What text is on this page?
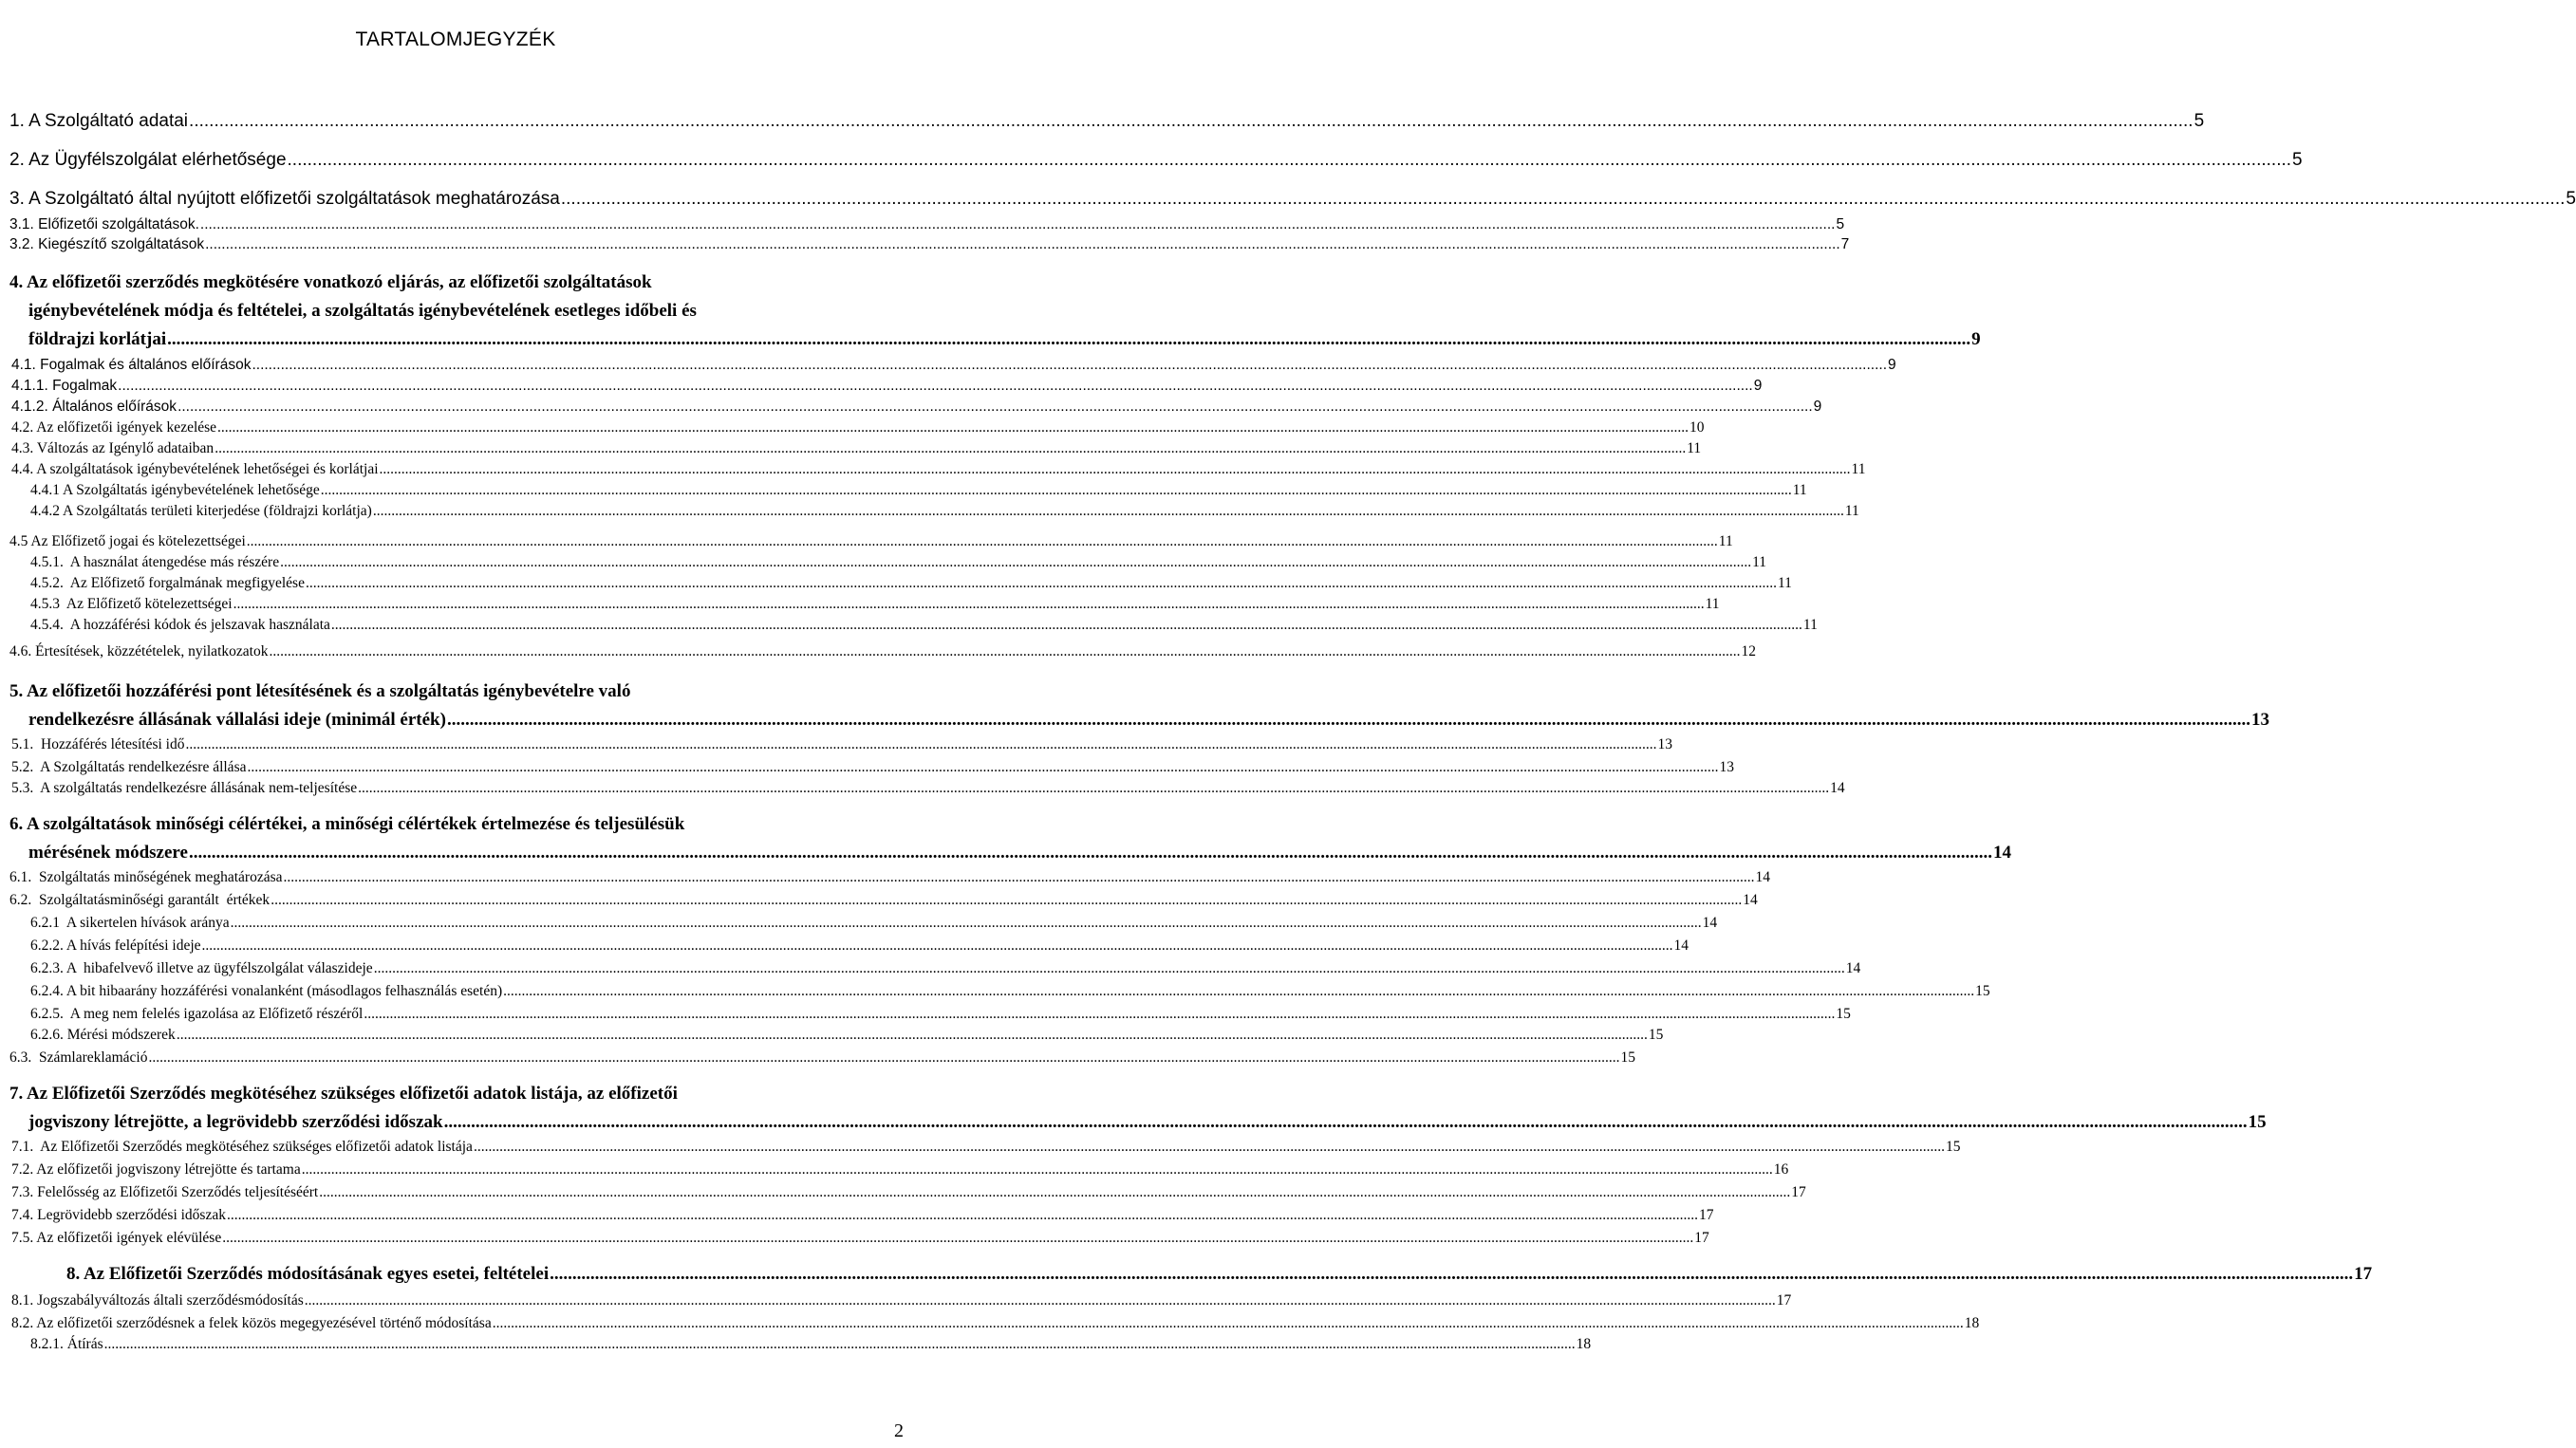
TARTALOMJEGYZÉK
1. A Szolgáltató adatai ................................................................................................................................................................................................................................................................................................................................................................................................................ 5
2. Az Ügyfélszolgálat elérhetősége ................................................................................................................................................................................................................................................................................................................................................................................................................ 5
3. A Szolgáltató által nyújtott előfizetői szolgáltatások meghatározása ................................................................................................................................................................................................................................................................................................................................................................................................................ 5
3.1. Előfizetői szolgáltatások. ................................................................................................................................................................................................................................................................................................................................................................................................................ 5
3.2. Kiegészítő szolgáltatások ................................................................................................................................................................................................................................................................................................................................................................................................................ 7
4. Az előfizetői szerződés megkötésére vonatkozó eljárás, az előfizetői szolgáltatások
igénybevételének módja és feltételei, a szolgáltatás igénybevételének esetleges időbeli és
földrajzi korlátjai ................................................................................................................................................................................................................................................................................................................................................................................................................ 9
4.1. Fogalmak és általános előírások ................................................................................................................................................................................................................................................................................................................................................................................................................ 9
4.1.1. Fogalmak ................................................................................................................................................................................................................................................................................................................................................................................................................ 9
4.1.2. Általános előírások ................................................................................................................................................................................................................................................................................................................................................................................................................ 9
4.2. Az előfizetői igények kezelése ................................................................................................................................................................................................................................................................................................................................................................................................................ 10
4.3. Változás az Igénylő adataiban ................................................................................................................................................................................................................................................................................................................................................................................................................ 11
4.4. A szolgáltatások igénybevételének lehetőségei és korlátjai ................................................................................................................................................................................................................................................................................................................................................................................................................ 11
4.4.1 A Szolgáltatás igénybevételének lehetősége ................................................................................................................................................................................................................................................................................................................................................................................................................ 11
4.4.2 A Szolgáltatás területi kiterjedése (földrajzi korlátja) ................................................................................................................................................................................................................................................................................................................................................................................................................ 11
4.5 Az Előfizető jogai és kötelezettségei ................................................................................................................................................................................................................................................................................................................................................................................................................ 11
4.5.1.  A használat átengedése más részére ................................................................................................................................................................................................................................................................................................................................................................................................................ 11
4.5.2.  Az Előfizető forgalmának megfigyelése ................................................................................................................................................................................................................................................................................................................................................................................................................ 11
4.5.3  Az Előfizető kötelezettségei ................................................................................................................................................................................................................................................................................................................................................................................................................ 11
4.5.4.  A hozzáférési kódok és jelszavak használata ................................................................................................................................................................................................................................................................................................................................................................................................................ 11
4.6. Értesítések, közzétételek, nyilatkozatok ................................................................................................................................................................................................................................................................................................................................................................................................................ 12
5. Az előfizetői hozzáférési pont létesítésének és a szolgáltatás igénybevételre való
rendelkezésre állásának vállalási ideje (minimál érték) ................................................................................................................................................................................................................................................................................................................................................................................................................ 13
5.1.  Hozzáférés létesítési idő ................................................................................................................................................................................................................................................................................................................................................................................................................ 13
5.2.  A Szolgáltatás rendelkezésre állása ................................................................................................................................................................................................................................................................................................................................................................................................................ 13
5.3.  A szolgáltatás rendelkezésre állásának nem-teljesítése ................................................................................................................................................................................................................................................................................................................................................................................................................ 14
6. A szolgáltatások minőségi célértékei, a minőségi célértékek értelmezése és teljesülésük
mérésének módszere ................................................................................................................................................................................................................................................................................................................................................................................................................ 14
6.1.  Szolgáltatás minőségének meghatározása ................................................................................................................................................................................................................................................................................................................................................................................................................ 14
6.2.  Szolgáltatásminőségi garantált  értékek ................................................................................................................................................................................................................................................................................................................................................................................................................ 14
6.2.1  A sikertelen hívások aránya ................................................................................................................................................................................................................................................................................................................................................................................................................ 14
6.2.2. A hívás felépítési ideje ................................................................................................................................................................................................................................................................................................................................................................................................................ 14
6.2.3. A  hibafelvevő illetve az ügyfélszolgálat válaszideje ................................................................................................................................................................................................................................................................................................................................................................................................................ 14
6.2.4. A bit hibaarány hozzáférési vonalanként (másodlagos felhasználás esetén) ................................................................................................................................................................................................................................................................................................................................................................................................................ 15
6.2.5.  A meg nem felelés igazolása az Előfizető részéről ................................................................................................................................................................................................................................................................................................................................................................................................................ 15
6.2.6. Mérési módszerek ................................................................................................................................................................................................................................................................................................................................................................................................................ 15
6.3.  Számlareklamáció ................................................................................................................................................................................................................................................................................................................................................................................................................ 15
7. Az Előfizetői Szerződés megkötéséhez szükséges előfizetői adatok listája, az előfizetői
jogviszony létrejötte, a legrövidebb szerződési időszak ................................................................................................................................................................................................................................................................................................................................................................................................................ 15
7.1.  Az Előfizetői Szerződés megkötéséhez szükséges előfizetői adatok listája ................................................................................................................................................................................................................................................................................................................................................................................................................ 15
7.2. Az előfizetői jogviszony létrejötte és tartama ................................................................................................................................................................................................................................................................................................................................................................................................................ 16
7.3. Felelősség az Előfizetői Szerződés teljesítéséért ................................................................................................................................................................................................................................................................................................................................................................................................................ 17
7.4. Legrövidebb szerződési időszak ................................................................................................................................................................................................................................................................................................................................................................................................................ 17
7.5. Az előfizetői igények elévülése ................................................................................................................................................................................................................................................................................................................................................................................................................ 17
8. Az Előfizetői Szerződés módosításának egyes esetei, feltételei ................................................................................................................................................................................................................................................................................................................................................................................................................ 17
8.1. Jogszabályváltozás általi szerződésmódosítás ................................................................................................................................................................................................................................................................................................................................................................................................................ 17
8.2. Az előfizetői szerződésnek a felek közös megegyezésével történő módosítása ................................................................................................................................................................................................................................................................................................................................................................................................................ 18
8.2.1. Átírás ................................................................................................................................................................................................................................................................................................................................................................................................................ 18
2
